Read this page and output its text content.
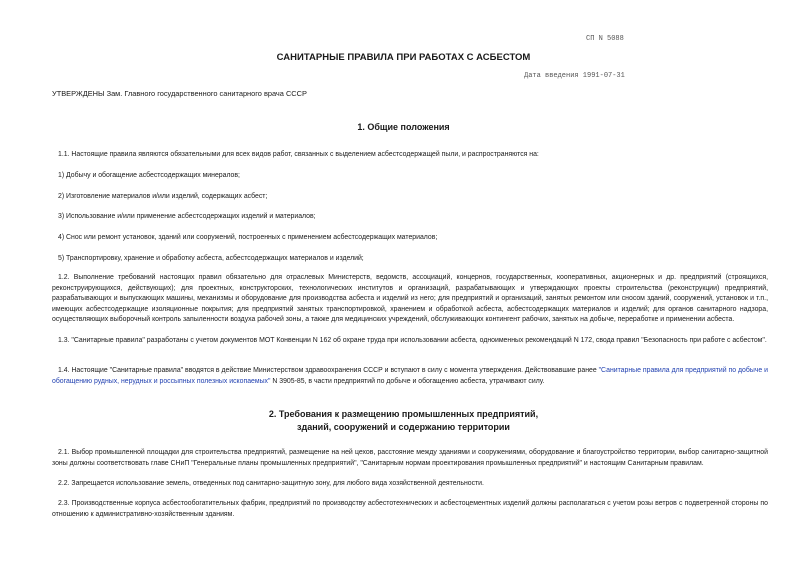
СП N 5088
САНИТАРНЫЕ ПРАВИЛА ПРИ РАБОТАХ С АСБЕСТОМ
Дата введения 1991-07-31
УТВЕРЖДЕНЫ Зам. Главного государственного санитарного врача СССР
1. Общие положения
1.1. Настоящие правила являются обязательными для всех видов работ, связанных с выделением асбестсодержащей пыли, и распространяются на:
1) Добычу и обогащение асбестсодержащих минералов;
2) Изготовление материалов и/или изделий, содержащих асбест;
3) Использование и/или применение асбестсодержащих изделий и материалов;
4) Снос или ремонт установок, зданий или сооружений, построенных с применением асбестсодержащих материалов;
5) Транспортировку, хранение и обработку асбеста, асбестсодержащих материалов и изделий;
1.2. Выполнение требований настоящих правил обязательно для отраслевых Министерств, ведомств, ассоциаций, концернов, государственных, кооперативных, акционерных и др. предприятий (строящихся, реконструирующихся, действующих); для проектных, конструкторских, технологических институтов и организаций, разрабатывающих и утверждающих проекты строительства (реконструкции) предприятий, разрабатывающих и выпускающих машины, механизмы и оборудование для производства асбеста и изделий из него; для предприятий и организаций, занятых ремонтом или сносом зданий, сооружений, установок и т.п., имеющих асбестсодержащие изоляционные покрытия; для предприятий занятых транспортировкой, хранением и обработкой асбеста, асбестсодержащих материалов и изделий; для органов санитарного надзора, осуществляющих выборочный контроль запыленности воздуха рабочей зоны, а также для медицинских учреждений, обслуживающих контингент рабочих, занятых на добыче, переработке и применении асбеста.
1.3. "Санитарные правила" разработаны с учетом документов МОТ Конвенции N 162 об охране труда при использовании асбеста, одноименных рекомендаций N 172, свода правил "Безопасность при работе с асбестом".
1.4. Настоящие "Санитарные правила" вводятся в действие Министерством здравоохранения СССР и вступают в силу с момента утверждения. Действовавшие ранее "Санитарные правила для предприятий по добыче и обогащению рудных, нерудных и россыпных полезных ископаемых" N 3905-85, в части предприятий по добыче и обогащению асбеста, утрачивают силу.
2. Требования к размещению промышленных предприятий,
зданий, сооружений и содержанию территории
2.1. Выбор промышленной площадки для строительства предприятий, размещение на ней цехов, расстояние между зданиями и сооружениями, оборудование и благоустройство территории, выбор санитарно-защитной зоны должны соответствовать главе СНиП "Генеральные планы промышленных предприятий", "Санитарным нормам проектирования промышленных предприятий" и настоящим Санитарным правилам.
2.2. Запрещается использование земель, отведенных под санитарно-защитную зону, для любого вида хозяйственной деятельности.
2.3. Производственные корпуса асбестообогатительных фабрик, предприятий по производству асбестотехнических и асбестоцементных изделий должны располагаться с учетом розы ветров с подветренной стороны по отношению к административно-хозяйственным зданиям.
